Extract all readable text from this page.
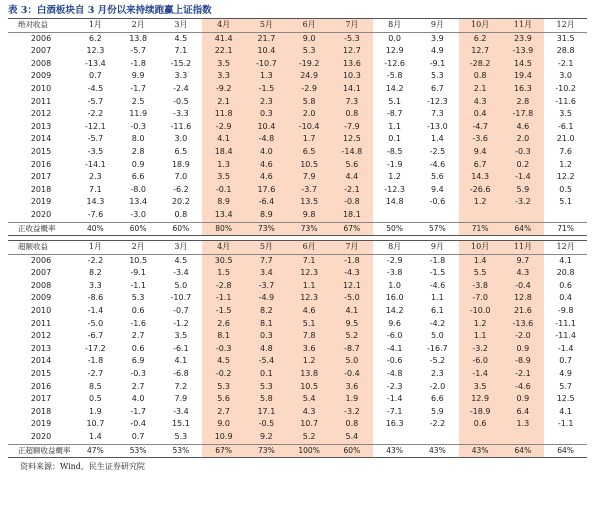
表 3：白酒板块自 3 月份以来持续跑赢上证指数
绝对收益	1月	2月	3月	4月	5月	6月	7月	8月	9月	10月	11月	12月
2006	6.2	13.8	4.5	41.4	21.7	9.0	-5.3	0.0	3.9	6.2	23.9	31.5
2007	12.3	-5.7	7.1	22.1	10.4	5.3	12.7	12.9	4.9	12.7	-13.9	28.8
2008	-13.4	-1.8	-15.2	3.5	-10.7	-19.2	13.6	-12.6	-9.1	-28.2	14.5	-2.1
2009	0.7	9.9	3.3	3.3	1.3	24.9	10.3	-5.8	5.3	0.8	19.4	3.0
2010	-4.5	-1.7	-2.4	-9.2	-1.5	-2.9	14.1	14.2	6.7	2.1	16.3	-10.2
2011	-5.7	2.5	-0.5	2.1	2.3	5.8	7.3	5.1	-12.3	4.3	2.8	-11.6
2012	-2.2	11.9	-3.3	11.8	0.3	2.0	0.8	-8.7	7.3	0.4	-17.8	3.5
2013	-12.1	-0.3	-11.6	-2.9	10.4	-10.4	-7.9	1.1	-13.0	-4.7	4.6	-6.1
2014	-5.7	8.0	3.0	4.1	-4.8	1.7	12.5	0.1	1.4	-3.6	2.0	21.0
2015	-3.5	2.8	6.5	18.4	4.0	6.5	-14.8	-8.5	-2.5	9.4	-0.3	7.6
2016	-14.1	0.9	18.9	1.3	4.6	10.5	5.6	-1.9	-4.6	6.7	0.2	1.2
2017	2.3	6.6	7.0	3.5	4.6	7.9	4.4	1.2	5.6	14.3	-1.4	12.2
2018	7.1	-8.0	-6.2	-0.1	17.6	-3.7	-2.1	-12.3	9.4	-26.6	5.9	0.5
2019	14.3	13.4	20.2	8.9	-6.4	13.5	-0.8	14.8	-0.6	1.2	-3.2	5.1
2020	-7.6	-3.0	0.8	13.4	8.9	9.8	18.1					
正收益概率	40%	60%	60%	80%	73%	73%	67%	50%	57%	71%	64%	71%

超额收益	1月	2月	3月	4月	5月	6月	7月	8月	9月	10月	11月	12月
2006	-2.2	10.5	4.5	30.5	7.7	7.1	-1.8	-2.9	-1.8	1.4	9.7	4.1
2007	8.2	-9.1	-3.4	1.5	3.4	12.3	-4.3	-3.8	-1.5	5.5	4.3	20.8
2008	3.3	-1.1	5.0	-2.8	-3.7	1.1	12.1	1.0	-4.6	-3.8	-0.4	0.6
2009	-8.6	5.3	-10.7	-1.1	-4.9	12.3	-5.0	16.0	1.1	-7.0	12.8	0.4
2010	-1.4	0.6	-0.7	-1.5	8.2	4.6	4.1	14.2	6.1	-10.0	21.6	-9.8
2011	-5.0	-1.6	-1.2	2.6	8.1	5.1	9.5	9.6	-4.2	1.2	-13.6	-11.1
2012	-6.7	2.7	3.5	8.1	0.3	7.8	5.2	-6.0	5.0	1.1	-2.0	-11.4
2013	-17.2	0.6	-6.1	-0.3	4.8	3.6	-8.7	-4.1	-16.7	-3.2	0.9	-1.4
2014	-1.8	6.9	4.1	4.5	-5.4	1.2	5.0	-0.6	-5.2	-6.0	-8.9	0.7
2015	-2.7	-0.3	-6.8	-0.2	0.1	13.8	-0.4	-4.8	2.3	-1.4	-2.1	4.9
2016	8.5	2.7	7.2	5.3	5.3	10.5	3.6	-2.3	-2.0	3.5	-4.6	5.7
2017	0.5	4.0	7.9	5.6	5.8	5.4	1.9	-1.4	6.6	12.9	0.9	12.5
2018	1.9	-1.7	-3.4	2.7	17.1	4.3	-3.2	-7.1	5.9	-18.9	6.4	4.1
2019	10.7	-0.4	15.1	9.0	-0.5	10.7	0.8	16.3	-2.2	0.6	1.3	-1.1
2020	1.4	0.7	5.3	10.9	9.2	5.2	5.4					
正超额收益概率	47%	53%	53%	67%	73%	100%	60%	43%	43%	43%	64%	64%
资料来源：Wind，民生证券研究院
